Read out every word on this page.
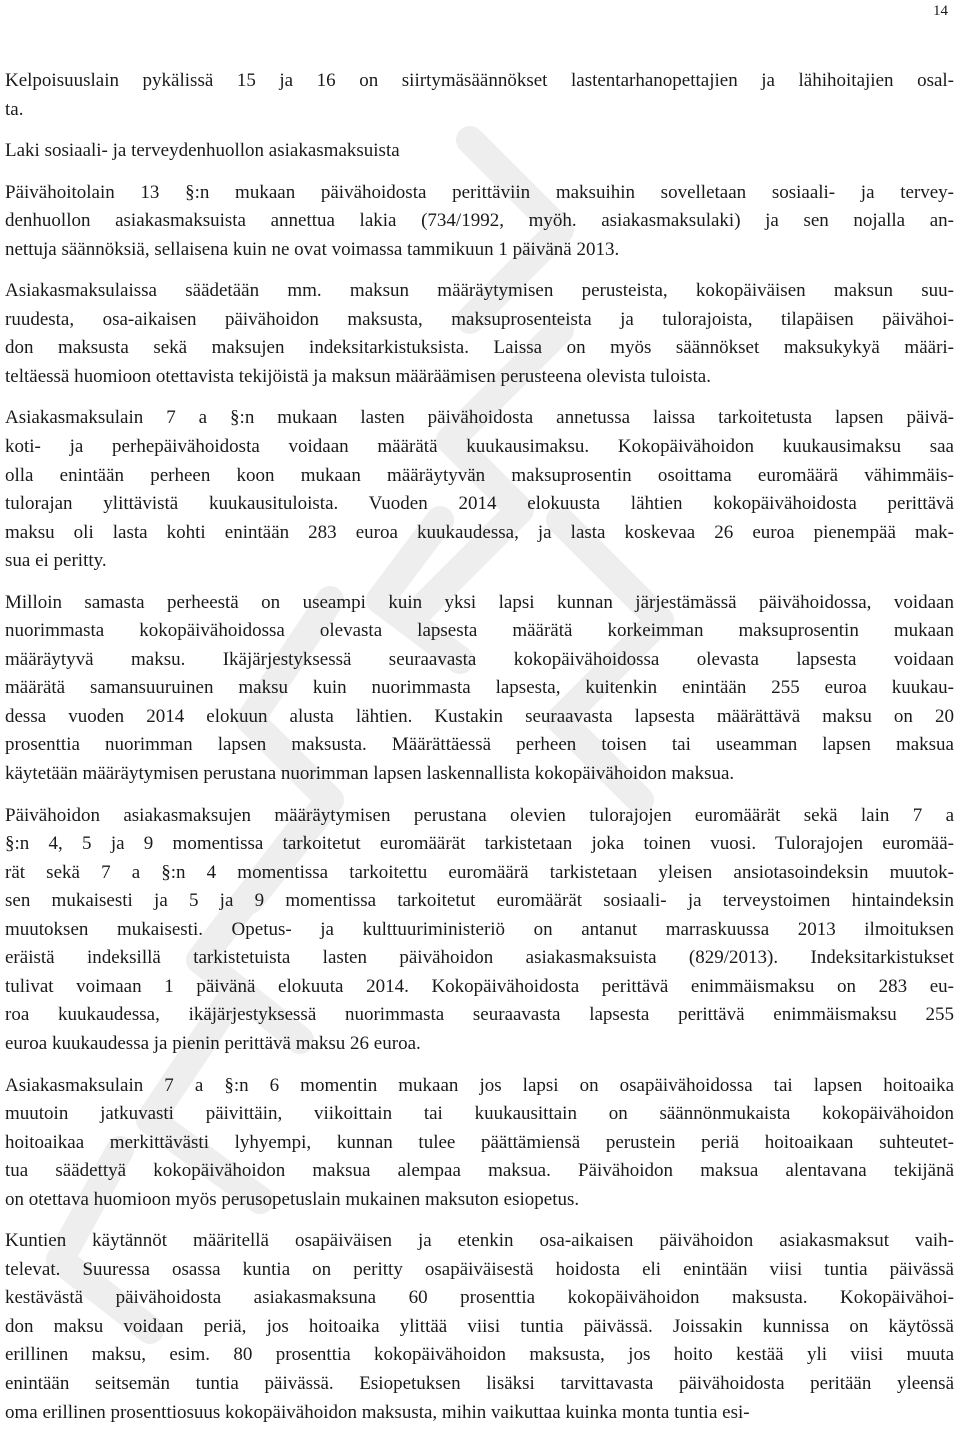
14
Kelpoisuuslain pykälissä 15 ja 16 on siirtymäsäännökset lastentarhanopettajien ja lähihoitajien osal-
ta.
Laki sosiaali- ja terveydenhuollon asiakasmaksuista
Päivähoitolain 13 §:n mukaan päivähoidosta perittäviin maksuihin sovelletaan sosiaali- ja tervey-
denhuollon asiakasmaksuista annettua lakia (734/1992, myöh. asiakasmaksulaki) ja sen nojalla an-
nettuja säännöksiä, sellaisena kuin ne ovat voimassa tammikuun 1 päivänä 2013.
Asiakasmaksulaissa säädetään mm. maksun määräytymisen perusteista, kokopäiväisen maksun suu-
ruudesta, osa-aikaisen päivähoidon maksusta, maksuprosenteista ja tulorajoista, tilapäisen päivähoi-
don maksusta sekä maksujen indeksitarkistuksista. Laissa on myös säännökset maksukykyä määri-
teltäessä huomioon otettavista tekijöistä ja maksun määräämisen perusteena olevista tuloista.
Asiakasmaksulain 7 a §:n mukaan lasten päivähoidosta annetussa laissa tarkoitetusta lapsen päivä-
koti- ja perhepäivähoidosta voidaan määrätä kuukausimaksu. Kokopäivähoidon kuukausimaksu saa
olla enintään perheen koon mukaan määräytyvän maksuprosentin osoittama euromäärä vähimmäis-
tulorajan ylittävistä kuukausituloista. Vuoden 2014 elokuusta lähtien kokopäivähoidosta perittävä
maksu oli lasta kohti enintään 283 euroa kuukaudessa, ja lasta koskevaa 26 euroa pienempää mak-
sua ei peritty.
Milloin samasta perheestä on useampi kuin yksi lapsi kunnan järjestämässä päivähoidossa, voidaan
nuorimmasta kokopäivähoidossa olevasta lapsesta määrätä korkeimman maksuprosentin mukaan
määräytyvä maksu. Ikäjärjestyksessä seuraavasta kokopäivähoidossa olevasta lapsesta voidaan
määrätä samansuuruinen maksu kuin nuorimmasta lapsesta, kuitenkin enintään 255 euroa kuukau-
dessa vuoden 2014 elokuun alusta lähtien. Kustakin seuraavasta lapsesta määrättävä maksu on 20
prosenttia nuorimman lapsen maksusta. Määrättäessä perheen toisen tai useamman lapsen maksua
käytetään määräytymisen perustana nuorimman lapsen laskennallista kokopäivähoidon maksua.
Päivähoidon asiakasmaksujen määräytymisen perustana olevien tulorajojen euromäärät sekä lain 7 a
§:n 4, 5 ja 9 momentissa tarkoitetut euromäärät tarkistetaan joka toinen vuosi. Tulorajojen euromää-
rät sekä 7 a §:n 4 momentissa tarkoitettu euromäärä tarkistetaan yleisen ansiotasoindeksin muutok-
sen mukaisesti ja 5 ja 9 momentissa tarkoitetut euromäärät sosiaali- ja terveystoimen hintaindeksin
muutoksen mukaisesti. Opetus- ja kulttuuriministeriö on antanut marraskuussa 2013 ilmoituksen
eräistä indeksillä tarkistetuista lasten päivähoidon asiakasmaksuista (829/2013). Indeksitarkistukset
tulivat voimaan 1 päivänä elokuuta 2014. Kokopäivähoidosta perittävä enimmäismaksu on 283 eu-
roa kuukaudessa, ikäjärjestyksessä nuorimmasta seuraavasta lapsesta perittävä enimmäismaksu 255
euroa kuukaudessa ja pienin perittävä maksu 26 euroa.
Asiakasmaksulain 7 a §:n 6 momentin mukaan jos lapsi on osapäivähoidossa tai lapsen hoitoaika
muutoin jatkuvasti päivittäin, viikoittain tai kuukausittain on säännönmukaista kokopäivähoidon
hoitoaikaa merkittävästi lyhyempi, kunnan tulee päättämiensä perustein periä hoitoaikaan suhteutet-
tua säädettyä kokopäivähoidon maksua alempaa maksua. Päivähoidon maksua alentavana tekijänä
on otettava huomioon myös perusopetuslain mukainen maksuton esiopetus.
Kuntien käytännöt määritellä osapäiväisen ja etenkin osa-aikaisen päivähoidon asiakasmaksut vaih-
televat. Suuressa osassa kuntia on peritty osapäiväisestä hoidosta eli enintään viisi tuntia päivässä
kestävästä päivähoidosta asiakasmaksuna 60 prosenttia kokopäivähoidon maksusta. Kokopäivähoi-
don maksu voidaan periä, jos hoitoaika ylittää viisi tuntia päivässä. Joissakin kunnissa on käytössä
erillinen maksu, esim. 80 prosenttia kokopäivähoidon maksusta, jos hoito kestää yli viisi muuta
enintään seitsemän tuntia päivässä. Esiopetuksen lisäksi tarvittavasta päivähoidosta peritään yleensä
oma erillinen prosenttiosuus kokopäivähoidon maksusta, mihin vaikuttaa kuinka monta tuntia esi-
